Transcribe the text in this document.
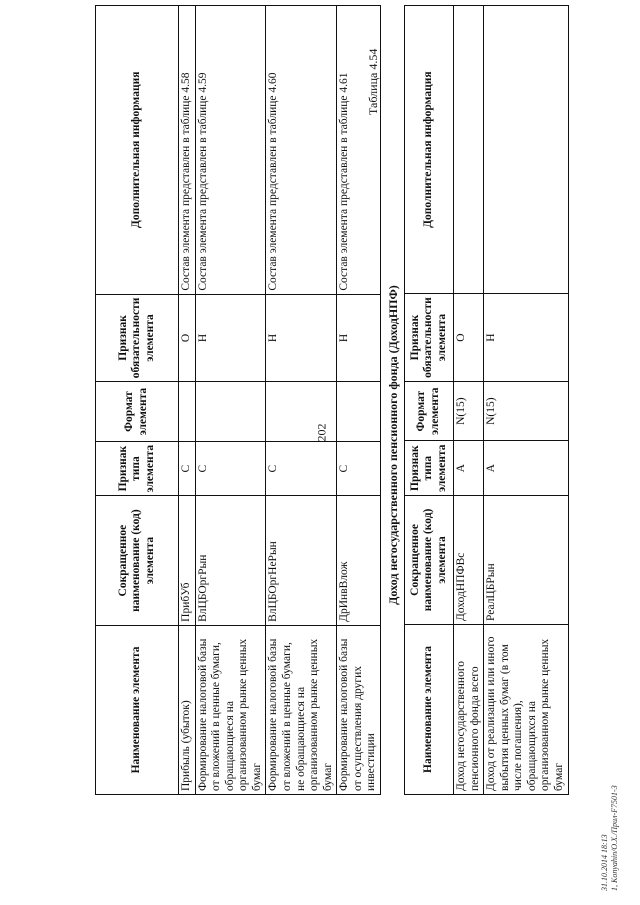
202
Наименование элемента	Сокращенное наименование (код) элемента	Признак типа элемента	Формат элемента	Признак обязательности элемента	Дополнительная информация
Прибыль (убыток)	ПрибУб	С		О	Состав элемента представлен в таблице 4.58
Формирование налоговой базы от вложений в ценные бумаги, обращающиеся на организованном рынке ценных бумаг	ВлЦБОргРын	С		Н	Состав элемента представлен в таблице 4.59
Формирование налоговой базы от вложений в ценные бумаги, не обращающиеся на организованном рынке ценных бумаг	ВлЦБОргНеРын	С		Н	Состав элемента представлен в таблице 4.60
Формирование налоговой базы от осуществления других инвестиции	ДрИнвВлож	С		Н	Состав элемента представлен в таблице 4.61 Таблица 4.54
Доход негосударственного пенсионного фонда (ДоходНПФ)
Наименование элемента	Сокращенное наименование (код) элемента	Признак типа элемента	Формат элемента	Признак обязательности элемента	Дополнительная информация
Доход негосударственного пенсионного фонда всего	ДоходНПФВс	А	N(15)	О	
Доход от реализации или иного выбытия ценных бумаг (в том числе погашения), обращающихся на организованном рынке ценных бумаг	РеалЦБРын	А	N(15)	Н	
31.10.2014 18:13 1, Konyahin/O.X./Прил-F7501-3
